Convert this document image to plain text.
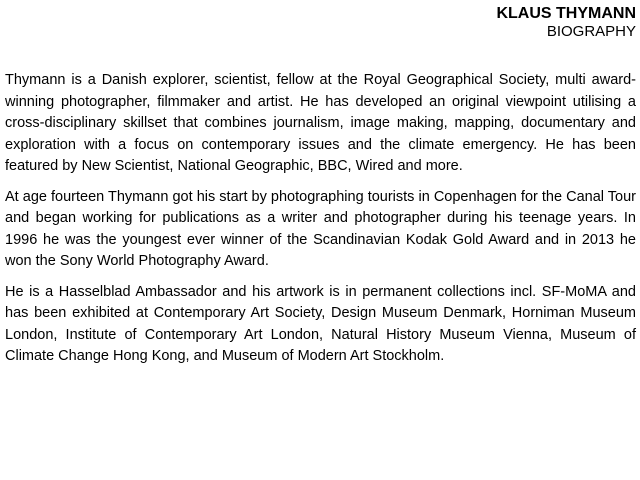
KLAUS THYMANN
BIOGRAPHY

Thymann is a Danish explorer, scientist, fellow at the Royal Geographical Society, multi award-winning photographer, filmmaker and artist. He has developed an original viewpoint utilising a cross-disciplinary skillset that combines journalism, image making, mapping, documentary and exploration with a focus on contemporary issues and the climate emergency. He has been featured by New Scientist, National Geographic, BBC, Wired and more.

At age fourteen Thymann got his start by photographing tourists in Copenhagen for the Canal Tour and began working for publications as a writer and photographer during his teenage years. In 1996 he was the youngest ever winner of the Scandinavian Kodak Gold Award and in 2013 he won the Sony World Photography Award.

He is a Hasselblad Ambassador and his artwork is in permanent collections incl. SF-MoMA and has been exhibited at Contemporary Art Society, Design Museum Denmark, Horniman Museum London, Institute of Contemporary Art London, Natural History Museum Vienna, Museum of Climate Change Hong Kong, and Museum of Modern Art Stockholm.
